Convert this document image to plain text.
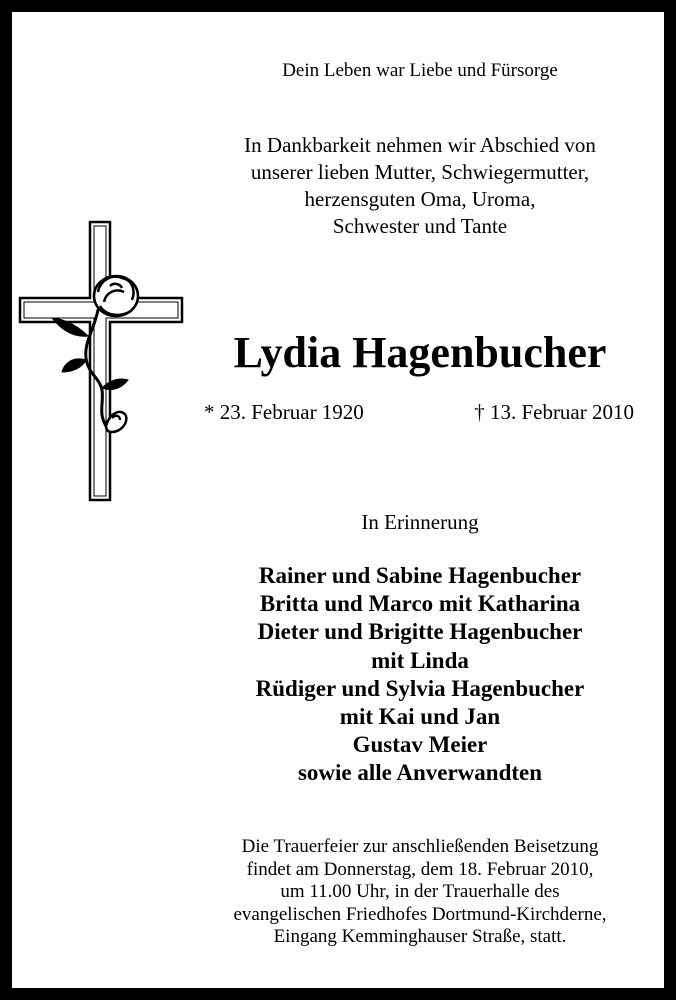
Dein Leben war Liebe und Fürsorge
In Dankbarkeit nehmen wir Abschied von
unserer lieben Mutter, Schwiegermutter,
herzensguten Oma, Uroma,
Schwester und Tante
Lydia Hagenbucher
* 23. Februar 1920	† 13. Februar 2010
In Erinnerung
Rainer und Sabine Hagenbucher
Britta und Marco mit Katharina
Dieter und Brigitte Hagenbucher
mit Linda
Rüdiger und Sylvia Hagenbucher
mit Kai und Jan
Gustav Meier
sowie alle Anverwandten
Die Trauerfeier zur anschließenden Beisetzung
findet am Donnerstag, dem 18. Februar 2010,
um 11.00 Uhr, in der Trauerhalle des
evangelischen Friedhofes Dortmund-Kirchderne,
Eingang Kemminghauser Straße, statt.
